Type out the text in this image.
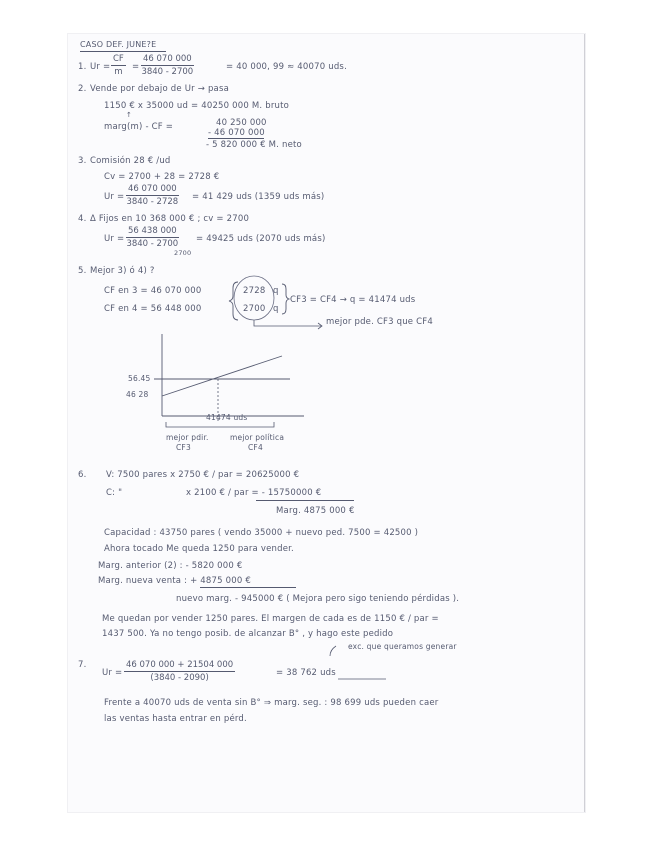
CASO DEF. JUNE?E
1. $Ur = \frac{CF}{m} = \frac{46 070 000}{3840 - 2700}$	= 40 000, 99 ≈ 40070 uds.
2. Vende por debajo de Ur → pasa
1150 € x 35000 ud = 40250 000 M. bruto
↑
marg(m) - CF =	40 250 000
- 46 070 000
- 5 820 000 € M. neto
3. Comisión 28 € /ud
Cv = 2700 + 28 = 2728 €
$Ur = \frac{46 070 000}{3840 - 2728} = 41$ 429 uds (1359 uds más)
4. Δ Fijos en 10 368 000 € ; cv = 2700
$Ur = \frac{56 438 000}{3840 - 2700}$
2700
= 49425 uds (2070 uds más)
5. Mejor 3) ó 4) ?
CF en 3 = 46 070 000
CF en 4 = 56 448 000
2728
2700
q
q
CF3 = CF4 → q = 41474 uds
mejor pde. CF3 que CF4
56.45
46 28
41474 uds
mejor pdir.
CF3
mejor política
CF4
6. V: 7500 pares x 2750 € / par = 20625000 €
C: "	x 2100 € / par = - 15750000 €
Marg. 4875 000 €
Capacidad : 43750 pares ( vendo 35000 + nuevo ped. 7500 = 42500 )
Ahora tocado Me queda 1250 para vender.
Marg. anterior (2) : - 5820 000 €
Marg. nueva venta : + 4875 000 €
nuevo marg. - 945000 € ( Mejora pero sigo teniendo pérdidas ).
Me quedan por vender 1250 pares. El margen de cada es de 1150 € / par =
1437 500. Ya no tengo posib. de alcanzar B° , y hago este pedido
exc. que queramos generar
7.
$Ur = \frac{46 070 000 + 21504 000}{(3840 - 2090)}$	= 38 762 uds
Frente a 40070 uds de venta sin B° ⇒ marg. seg. : 98 699 uds pueden caer
las ventas hasta entrar en pérd.
